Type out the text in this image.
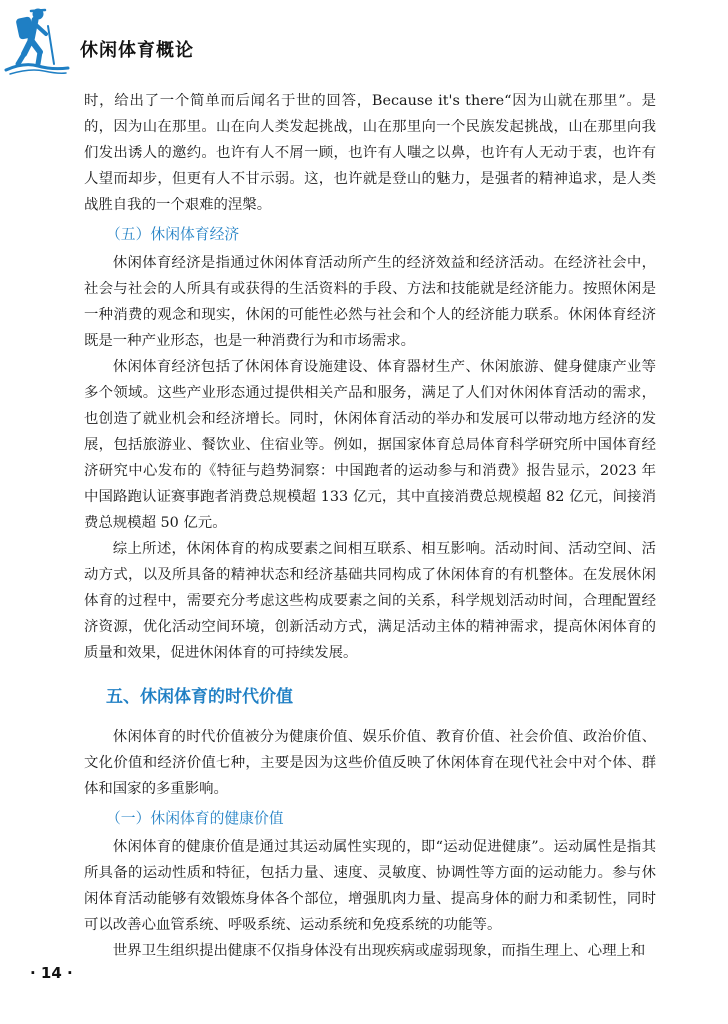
休闲体育概论

时，给出了一个简单而后闻名于世的回答，Because it's there“因为山就在那里”。是的，因为山在那里。山在向人类发起挑战，山在那里向一个民族发起挑战，山在那里向我们发出诱人的邀约。也许有人不屑一顾，也许有人嗤之以鼻，也许有人无动于衷，也许有人望而却步，但更有人不甘示弱。这，也许就是登山的魅力，是强者的精神追求，是人类战胜自我的一个艰难的涅槃。

（五）休闲体育经济

休闲体育经济是指通过休闲体育活动所产生的经济效益和经济活动。在经济社会中，社会与社会的人所具有或获得的生活资料的手段、方法和技能就是经济能力。按照休闲是一种消费的观念和现实，休闲的可能性必然与社会和个人的经济能力联系。休闲体育经济既是一种产业形态，也是一种消费行为和市场需求。

休闲体育经济包括了休闲体育设施建设、体育器材生产、休闲旅游、健身健康产业等多个领域。这些产业形态通过提供相关产品和服务，满足了人们对休闲体育活动的需求，也创造了就业机会和经济增长。同时，休闲体育活动的举办和发展可以带动地方经济的发展，包括旅游业、餐饮业、住宿业等。例如，据国家体育总局体育科学研究所中国体育经济研究中心发布的《特征与趋势洞察：中国跑者的运动参与和消费》报告显示，2023 年中国路跑认证赛事跑者消费总规模超 133 亿元，其中直接消费总规模超 82 亿元，间接消费总规模超 50 亿元。

综上所述，休闲体育的构成要素之间相互联系、相互影响。活动时间、活动空间、活动方式，以及所具备的精神状态和经济基础共同构成了休闲体育的有机整体。在发展休闲体育的过程中，需要充分考虑这些构成要素之间的关系，科学规划活动时间，合理配置经济资源，优化活动空间环境，创新活动方式，满足活动主体的精神需求，提高休闲体育的质量和效果，促进休闲体育的可持续发展。

五、休闲体育的时代价值

休闲体育的时代价值被分为健康价值、娱乐价值、教育价值、社会价值、政治价值、文化价值和经济价值七种，主要是因为这些价值反映了休闲体育在现代社会中对个体、群体和国家的多重影响。

（一）休闲体育的健康价值

休闲体育的健康价值是通过其运动属性实现的，即“运动促进健康”。运动属性是指其所具备的运动性质和特征，包括力量、速度、灵敏度、协调性等方面的运动能力。参与休闲体育活动能够有效锻炼身体各个部位，增强肌肉力量、提高身体的耐力和柔韧性，同时可以改善心血管系统、呼吸系统、运动系统和免疫系统的功能等。

世界卫生组织提出健康不仅指身体没有出现疾病或虚弱现象，而指生理上、心理上和

· 14 ·
